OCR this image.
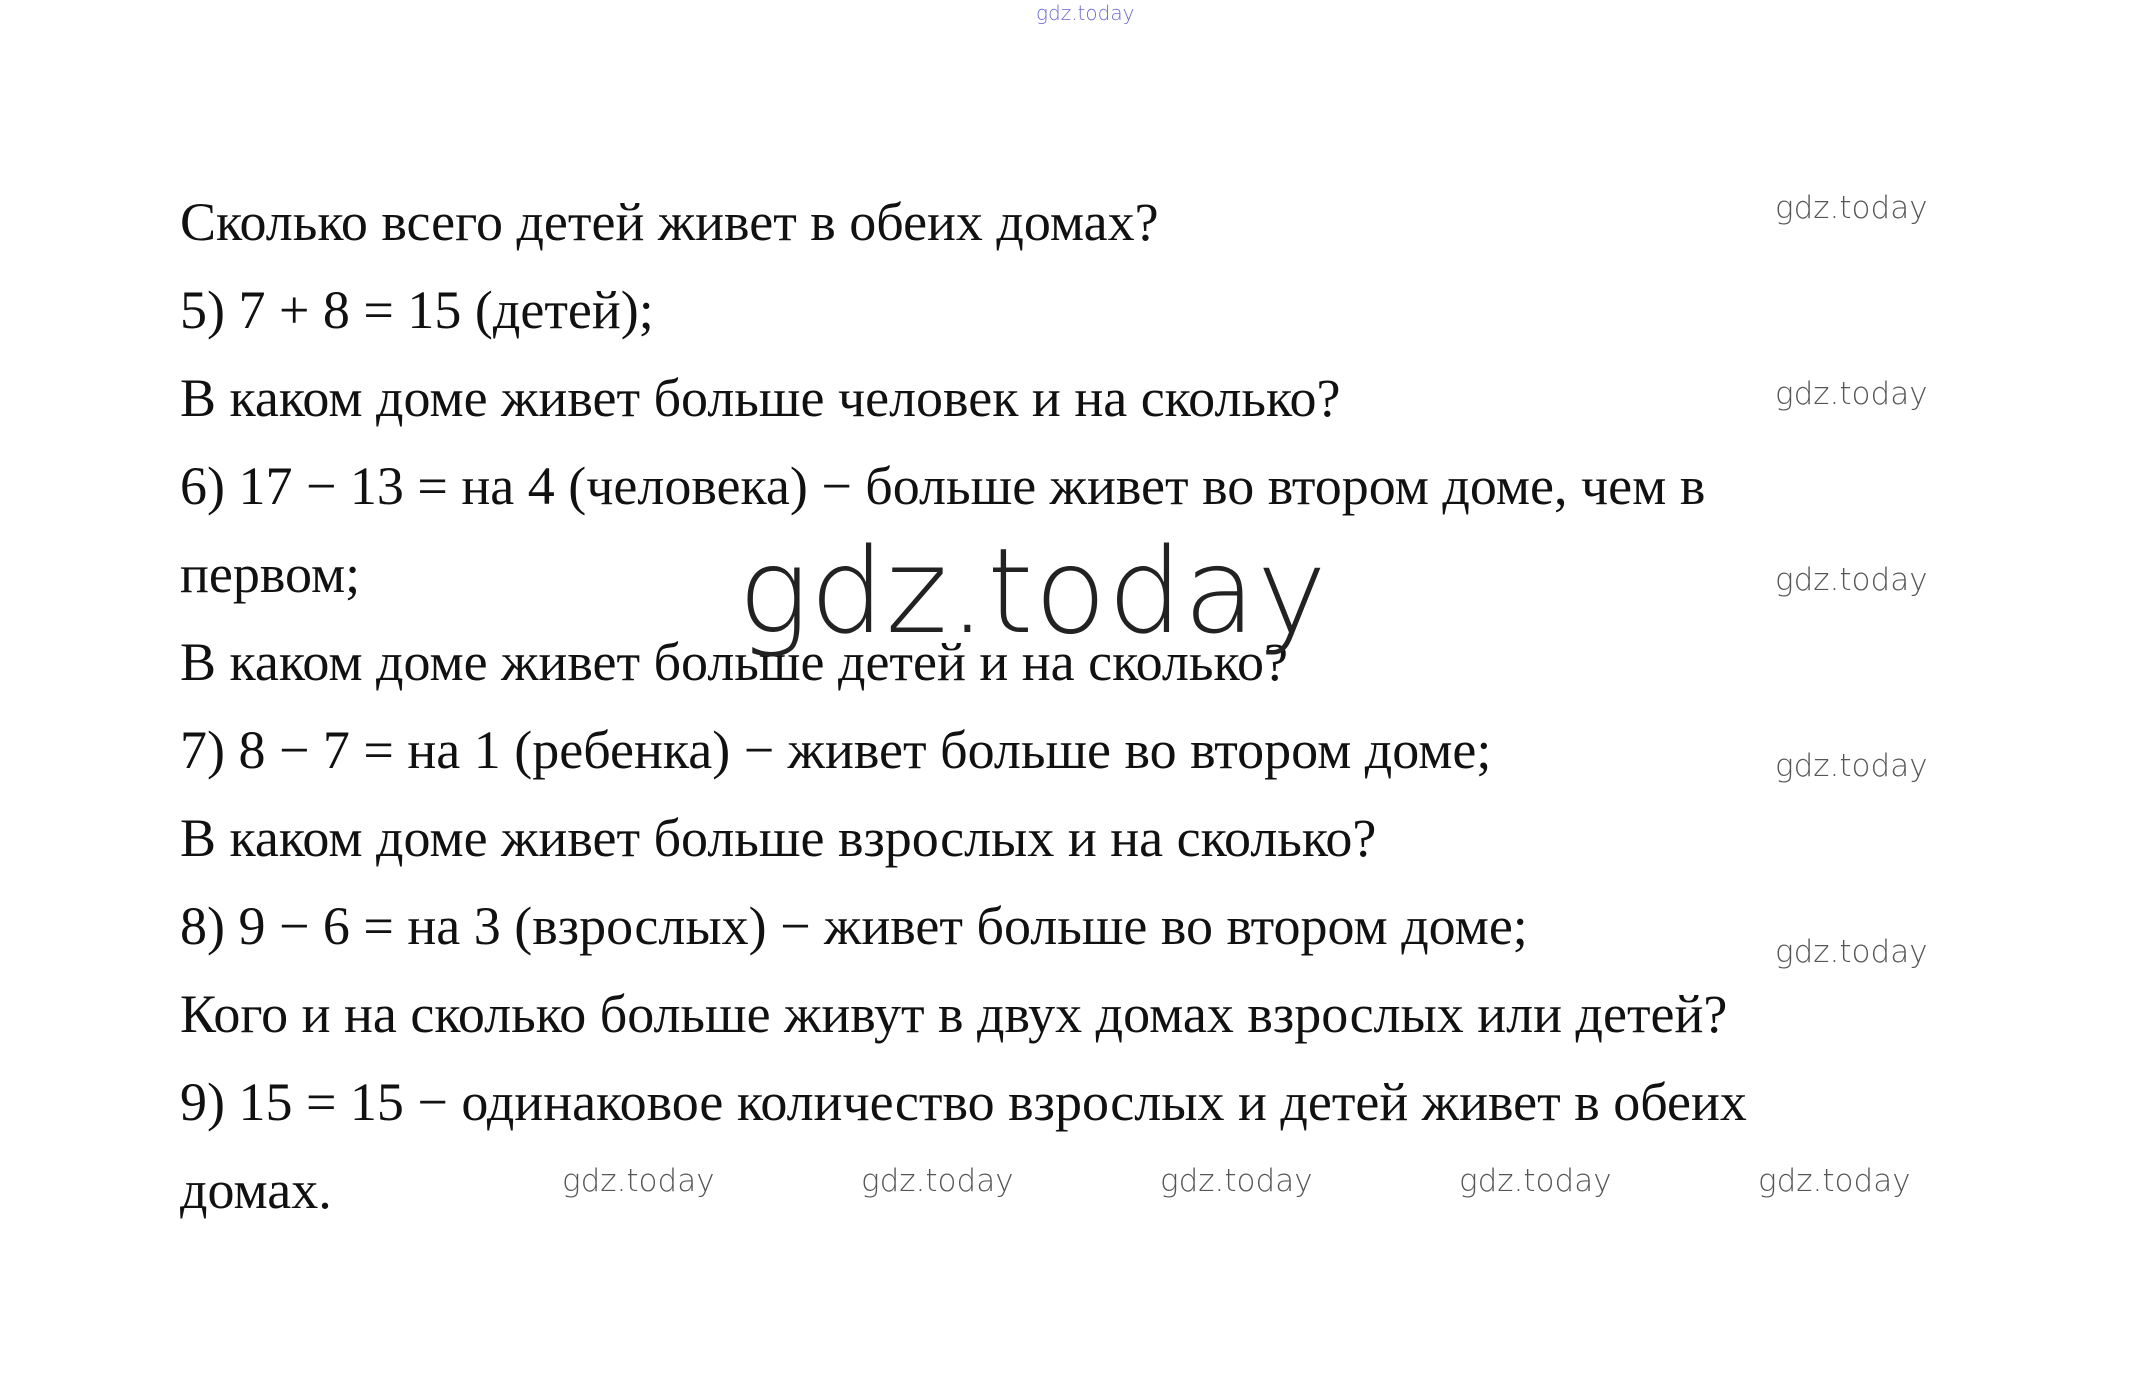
gdz.today
Сколько всего детей живет в обеих домах?
5) 7 + 8 = 15 (детей);
В каком доме живет больше человек и на сколько?
6) 17 − 13 = на 4 (человека) − больше живет во втором доме, чем в
первом;
В каком доме живет больше детей и на сколько?
7) 8 − 7 = на 1 (ребенка) − живет больше во втором доме;
В каком доме живет больше взрослых и на сколько?
8) 9 − 6 = на 3 (взрослых) − живет больше во втором доме;
Кого и на сколько больше живут в двух домах взрослых или детей?
9) 15 = 15 − одинаковое количество взрослых и детей живет в обеих
домах.
gdz.today
gdz.today
gdz.today
gdz.today
gdz.today
gdz.today
gdz.today	gdz.today	gdz.today	gdz.today	gdz.today
